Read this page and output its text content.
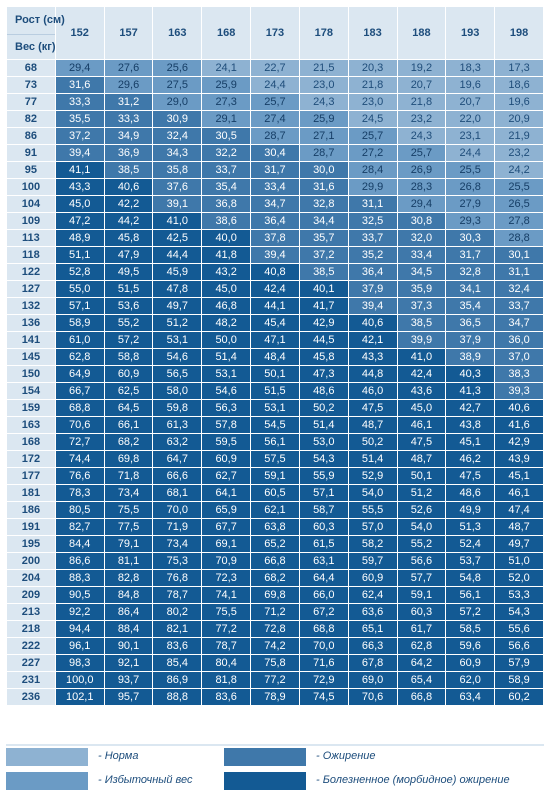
Рост (см)
Вес (кг)	152	157	163	168	173	178	183	188	193	198
68	29,4	27,6	25,6	24,1	22,7	21,5	20,3	19,2	18,3	17,3
73	31,6	29,6	27,5	25,9	24,4	23,0	21,8	20,7	19,6	18,6
77	33,3	31,2	29,0	27,3	25,7	24,3	23,0	21,8	20,7	19,6
82	35,5	33,3	30,9	29,1	27,4	25,9	24,5	23,2	22,0	20,9
86	37,2	34,9	32,4	30,5	28,7	27,1	25,7	24,3	23,1	21,9
91	39,4	36,9	34,3	32,2	30,4	28,7	27,2	25,7	24,4	23,2
95	41,1	38,5	35,8	33,7	31,7	30,0	28,4	26,9	25,5	24,2
100	43,3	40,6	37,6	35,4	33,4	31,6	29,9	28,3	26,8	25,5
104	45,0	42,2	39,1	36,8	34,7	32,8	31,1	29,4	27,9	26,5
109	47,2	44,2	41,0	38,6	36,4	34,4	32,5	30,8	29,3	27,8
113	48,9	45,8	42,5	40,0	37,8	35,7	33,7	32,0	30,3	28,8
118	51,1	47,9	44,4	41,8	39,4	37,2	35,2	33,4	31,7	30,1
122	52,8	49,5	45,9	43,2	40,8	38,5	36,4	34,5	32,8	31,1
127	55,0	51,5	47,8	45,0	42,4	40,1	37,9	35,9	34,1	32,4
132	57,1	53,6	49,7	46,8	44,1	41,7	39,4	37,3	35,4	33,7
136	58,9	55,2	51,2	48,2	45,4	42,9	40,6	38,5	36,5	34,7
141	61,0	57,2	53,1	50,0	47,1	44,5	42,1	39,9	37,9	36,0
145	62,8	58,8	54,6	51,4	48,4	45,8	43,3	41,0	38,9	37,0
150	64,9	60,9	56,5	53,1	50,1	47,3	44,8	42,4	40,3	38,3
154	66,7	62,5	58,0	54,6	51,5	48,6	46,0	43,6	41,3	39,3
159	68,8	64,5	59,8	56,3	53,1	50,2	47,5	45,0	42,7	40,6
163	70,6	66,1	61,3	57,8	54,5	51,4	48,7	46,1	43,8	41,6
168	72,7	68,2	63,2	59,5	56,1	53,0	50,2	47,5	45,1	42,9
172	74,4	69,8	64,7	60,9	57,5	54,3	51,4	48,7	46,2	43,9
177	76,6	71,8	66,6	62,7	59,1	55,9	52,9	50,1	47,5	45,1
181	78,3	73,4	68,1	64,1	60,5	57,1	54,0	51,2	48,6	46,1
186	80,5	75,5	70,0	65,9	62,1	58,7	55,5	52,6	49,9	47,4
191	82,7	77,5	71,9	67,7	63,8	60,3	57,0	54,0	51,3	48,7
195	84,4	79,1	73,4	69,1	65,2	61,5	58,2	55,2	52,4	49,7
200	86,6	81,1	75,3	70,9	66,8	63,1	59,7	56,6	53,7	51,0
204	88,3	82,8	76,8	72,3	68,2	64,4	60,9	57,7	54,8	52,0
209	90,5	84,8	78,7	74,1	69,8	66,0	62,4	59,1	56,1	53,3
213	92,2	86,4	80,2	75,5	71,2	67,2	63,6	60,3	57,2	54,3
218	94,4	88,4	82,1	77,2	72,8	68,8	65,1	61,7	58,5	55,6
222	96,1	90,1	83,6	78,7	74,2	70,0	66,3	62,8	59,6	56,6
227	98,3	92,1	85,4	80,4	75,8	71,6	67,8	64,2	60,9	57,9
231	100,0	93,7	86,9	81,8	77,2	72,9	69,0	65,4	62,0	58,9
236	102,1	95,7	88,8	83,6	78,9	74,5	70,6	66,8	63,4	60,2
- Норма
- Избыточный вес
- Ожирение
- Болезненное (морбидное) ожирение
